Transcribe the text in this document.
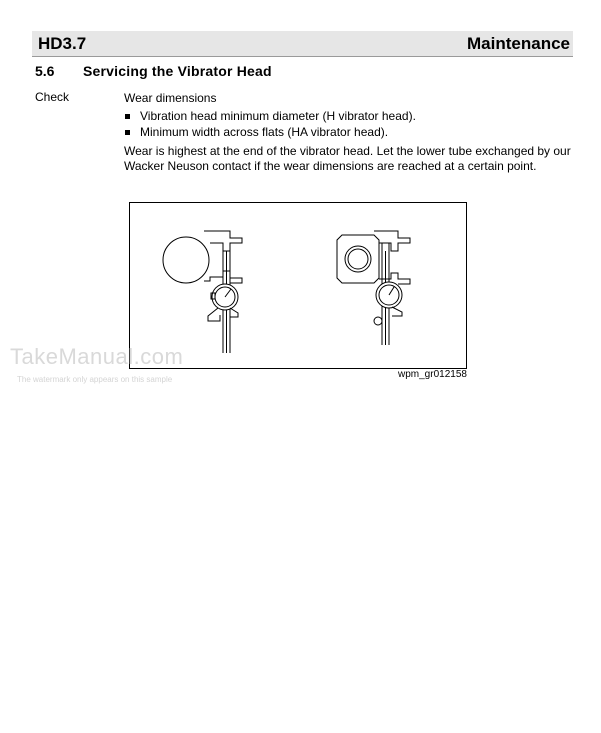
HD3.7	Maintenance
5.6 Servicing the Vibrator Head
Check	Wear dimensions

Vibration head minimum diameter (H vibrator head).
Minimum width across flats (HA vibrator head).

Wear is highest at the end of the vibrator head. Let the lower tube exchanged by our Wacker Neuson contact if the wear dimensions are reached at a certain point.

wpm_gr012158
TakeManual.com
The watermark only appears on this sample
